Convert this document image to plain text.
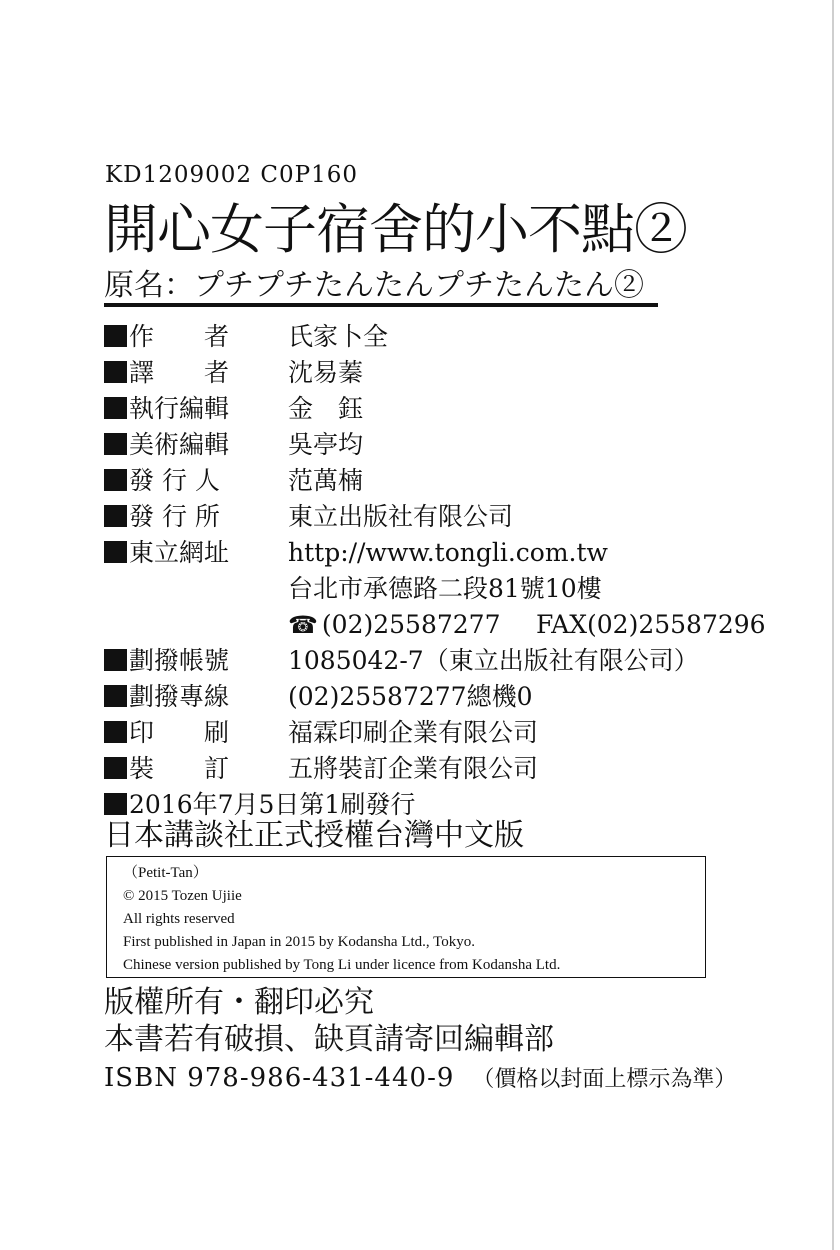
KD1209002 C0P160
開心女子宿舍的小不點②
原名：プチプチたんたんプチたんたん②
作　　者 氏家卜全
譯　　者 沈易蓁
執行編輯 金　鈺
美術編輯 吳亭均
發 行 人	范萬楠
發 行 所	東立出版社有限公司
東立網址 http://www.tongli.com.tw
台北市承德路二段81號10樓
☎ (02)25587277 FAX(02)25587296
劃撥帳號 1085042-7（東立出版社有限公司）
劃撥專線 (02)25587277總機0
印　　刷 福霖印刷企業有限公司
裝　　訂 五將裝訂企業有限公司
2016年7月5日第1刷發行
日本講談社正式授權台灣中文版
（Petit-Tan）
© 2015 Tozen Ujiie
All rights reserved
First published in Japan in 2015 by Kodansha Ltd., Tokyo.
Chinese version published by Tong Li under licence from Kodansha Ltd.
版權所有・翻印必究
本書若有破損、缺頁請寄回編輯部
ISBN 978-986-431-440-9 （價格以封面上標示為準）
